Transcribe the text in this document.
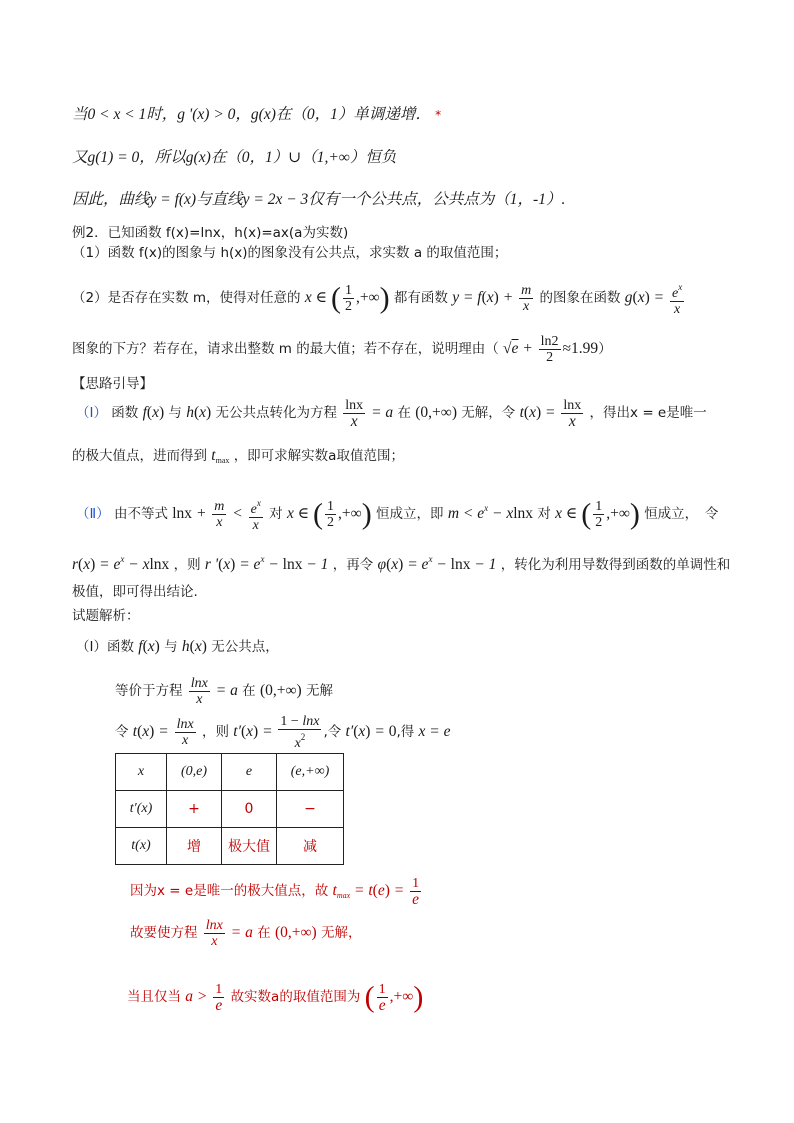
当0 < x < 1时，g '(x) > 0，g(x)在（0，1）单调递增． *
又g(1) = 0，所以g(x)在（0，1）∪（1,+∞）恒负
因此，曲线y = f(x)与直线y = 2x − 3仅有一个公共点，公共点为（1，-1）.
例2．已知函数 f(x)=lnx，h(x)=ax(a为实数)
（1）函数 f(x)的图象与 h(x)的图象没有公共点，求实数 a 的取值范围；
（2）是否存在实数 m，使得对任意的 x ∈ ( $\frac{1}{2}$ ,+∞) 都有函数 $y = f(x) + \frac{m}{x}$ 的图象在函数 $g(x) = \frac{e^x}{x}$
图象的下方？若存在，请求出整数 m 的最大值；若不存在，说明理由（ $√e + \frac{\ln 2}{2} \approx 1.99$）
【思路引导】
（Ⅰ） 函数 f(x) 与 h(x) 无公共点转化为方程 $\frac{\ln x}{x} = a$ 在 (0,+∞) 无解，令 $t(x) = \frac{\ln x}{x}$ ，得出x = e是唯一
的极大值点，进而得到 $t_{max}$ ，即可求解实数a取值范围；
（Ⅱ） 由不等式 $\ln x + \frac{m}{x} < \frac{e^x}{x}$ 对 x ∈ ( $\frac{1}{2}$ ,+∞) 恒成立，即 $m < e^x - xlnx$ 对 x ∈ ( $\frac{1}{2}$ ,+∞) 恒成立，　令
$r(x) = e^x - xlnx$ ，则 r '$(x) = e^x - \ln x - 1$ ，再令 $\varphi(x) = e^x - \ln x - 1$ ，转化为利用导数得到函数的单调性和
极值，即可得出结论.
试题解析：
（Ⅰ）函数 f(x) 与 h(x) 无公共点，
等价于方程 $\frac{\ln x}{x} = a$ 在 (0,+∞) 无解
令 $t(x) = \frac{\ln x}{x}$ ，则 $t'(x) = \frac{1 - \ln x}{x^2}$ ,令 t′(x) = 0,得 x = e
x	(0,e)	e	(e,+∞)
t′(x)	+	0	−
t(x)	增	极大值	减
因为x = e是唯一的极大值点，故 $t_{max} = t(e) = \frac{1}{e}$
故要使方程 $\frac{\ln x}{x} = a$ 在 (0,+∞) 无解，
当且仅当 $a > \frac{1}{e}$ 故实数a的取值范围为 ( $\frac{1}{e}$ ,+∞)
